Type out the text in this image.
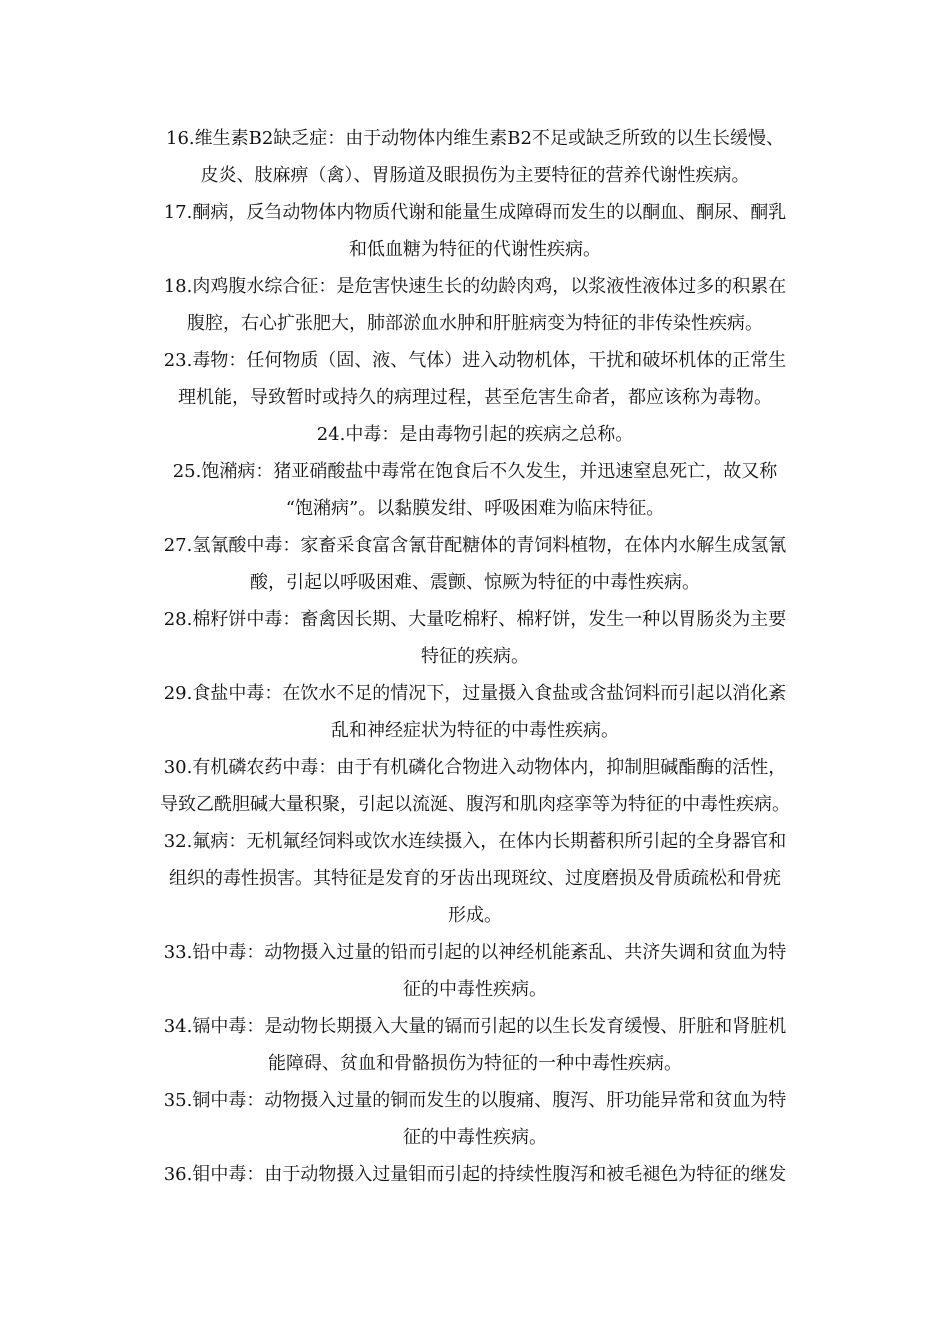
16.维生素B2缺乏症：由于动物体内维生素B2不足或缺乏所致的以生长缓慢、
皮炎、肢麻痹（禽）、胃肠道及眼损伤为主要特征的营养代谢性疾病。
17.酮病，反刍动物体内物质代谢和能量生成障碍而发生的以酮血、酮尿、酮乳
和低血糖为特征的代谢性疾病。
18.肉鸡腹水综合征：是危害快速生长的幼龄肉鸡，以浆液性液体过多的积累在
腹腔，右心扩张肥大，肺部淤血水肿和肝脏病变为特征的非传染性疾病。
23.毒物：任何物质（固、液、气体）进入动物机体，干扰和破坏机体的正常生
理机能，导致暂时或持久的病理过程，甚至危害生命者，都应该称为毒物。
24.中毒：是由毒物引起的疾病之总称。
25.饱潲病：猪亚硝酸盐中毒常在饱食后不久发生，并迅速窒息死亡，故又称
“饱潲病”。以黏膜发绀、呼吸困难为临床特征。
27.氢氰酸中毒：家畜采食富含氰苷配糖体的青饲料植物，在体内水解生成氢氰
酸，引起以呼吸困难、震颤、惊厥为特征的中毒性疾病。
28.棉籽饼中毒：畜禽因长期、大量吃棉籽、棉籽饼，发生一种以胃肠炎为主要
特征的疾病。
29.食盐中毒：在饮水不足的情况下，过量摄入食盐或含盐饲料而引起以消化紊
乱和神经症状为特征的中毒性疾病。
30.有机磷农药中毒：由于有机磷化合物进入动物体内，抑制胆碱酯酶的活性，
导致乙酰胆碱大量积聚，引起以流涎、腹泻和肌肉痉挛等为特征的中毒性疾病。
32.氟病：无机氟经饲料或饮水连续摄入，在体内长期蓄积所引起的全身器官和
组织的毒性损害。其特征是发育的牙齿出现斑纹、过度磨损及骨质疏松和骨疣
形成。
33.铅中毒：动物摄入过量的铅而引起的以神经机能紊乱、共济失调和贫血为特
征的中毒性疾病。
34.镉中毒：是动物长期摄入大量的镉而引起的以生长发育缓慢、肝脏和肾脏机
能障碍、贫血和骨骼损伤为特征的一种中毒性疾病。
35.铜中毒：动物摄入过量的铜而发生的以腹痛、腹泻、肝功能异常和贫血为特
征的中毒性疾病。
36.钼中毒：由于动物摄入过量钼而引起的持续性腹泻和被毛褪色为特征的继发
